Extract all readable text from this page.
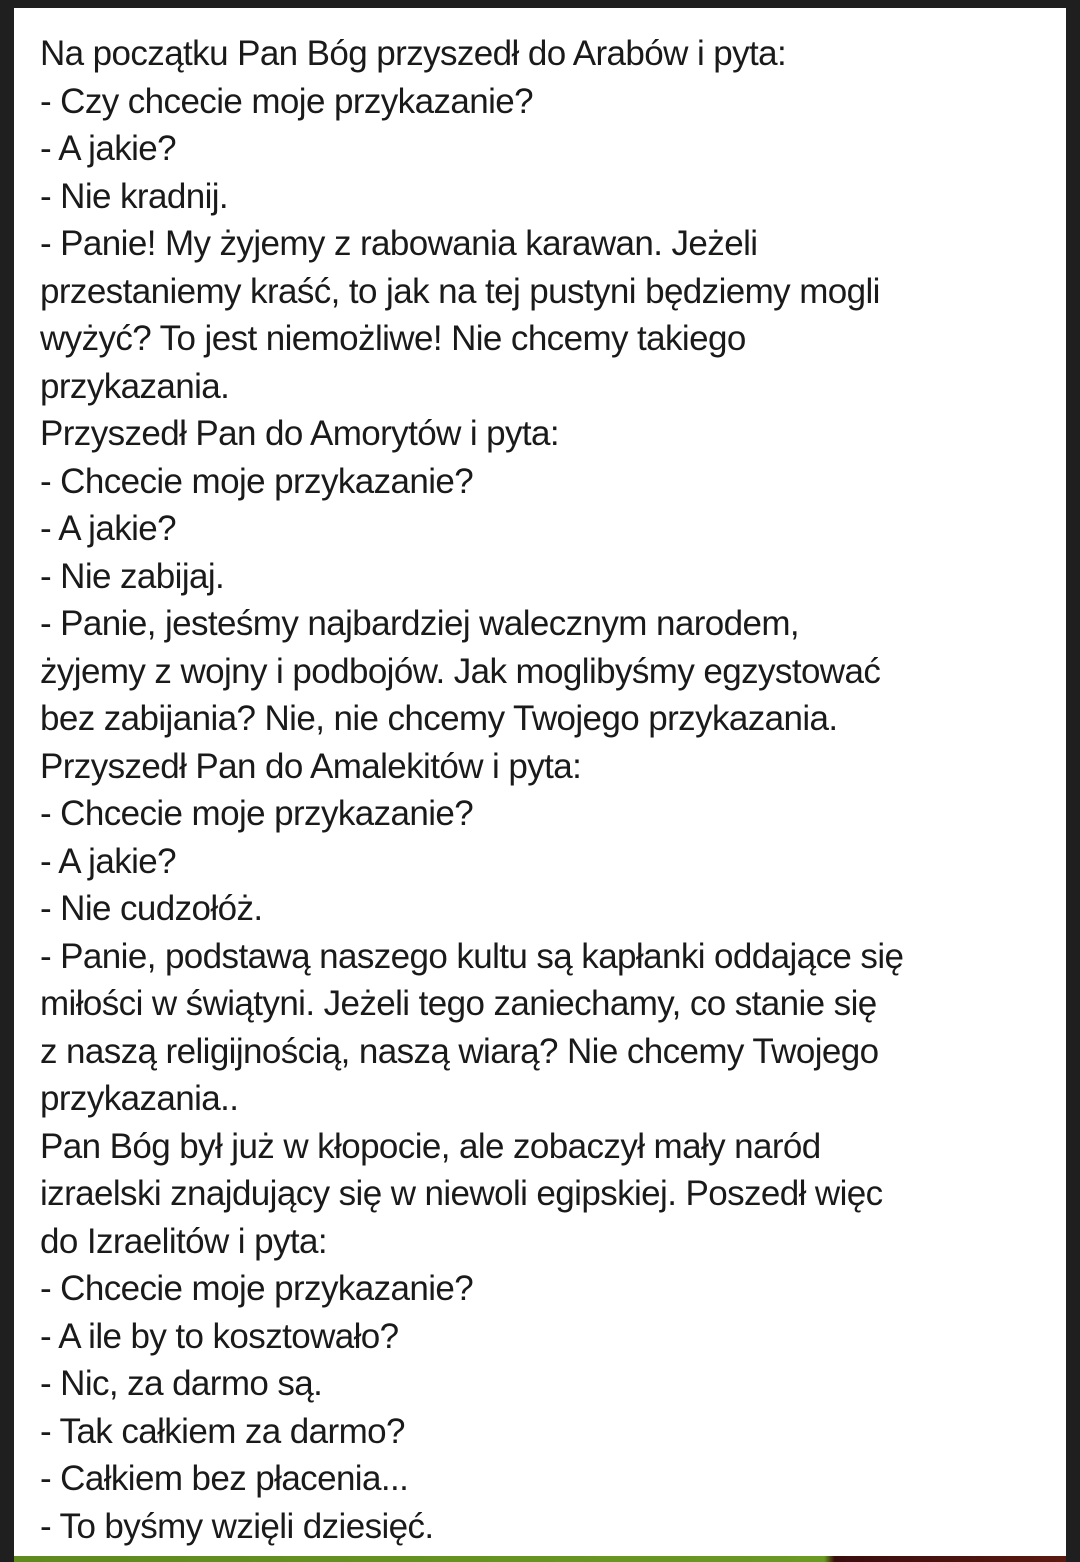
Na początku Pan Bóg przyszedł do Arabów i pyta:
- Czy chcecie moje przykazanie?
- A jakie?
- Nie kradnij.
- Panie! My żyjemy z rabowania karawan. Jeżeli
przestaniemy kraść, to jak na tej pustyni będziemy mogli
wyżyć? To jest niemożliwe! Nie chcemy takiego
przykazania.
Przyszedł Pan do Amorytów i pyta:
- Chcecie moje przykazanie?
- A jakie?
- Nie zabijaj.
- Panie, jesteśmy najbardziej walecznym narodem,
żyjemy z wojny i podbojów. Jak moglibyśmy egzystować
bez zabijania? Nie, nie chcemy Twojego przykazania.
Przyszedł Pan do Amalekitów i pyta:
- Chcecie moje przykazanie?
- A jakie?
- Nie cudzołóż.
- Panie, podstawą naszego kultu są kapłanki oddające się
miłości w świątyni. Jeżeli tego zaniechamy, co stanie się
z naszą religijnością, naszą wiarą? Nie chcemy Twojego
przykazania..
Pan Bóg był już w kłopocie, ale zobaczył mały naród
izraelski znajdujący się w niewoli egipskiej. Poszedł więc
do Izraelitów i pyta:
- Chcecie moje przykazanie?
- A ile by to kosztowało?
- Nic, za darmo są.
- Tak całkiem za darmo?
- Całkiem bez płacenia...
- To byśmy wzięli dziesięć.
